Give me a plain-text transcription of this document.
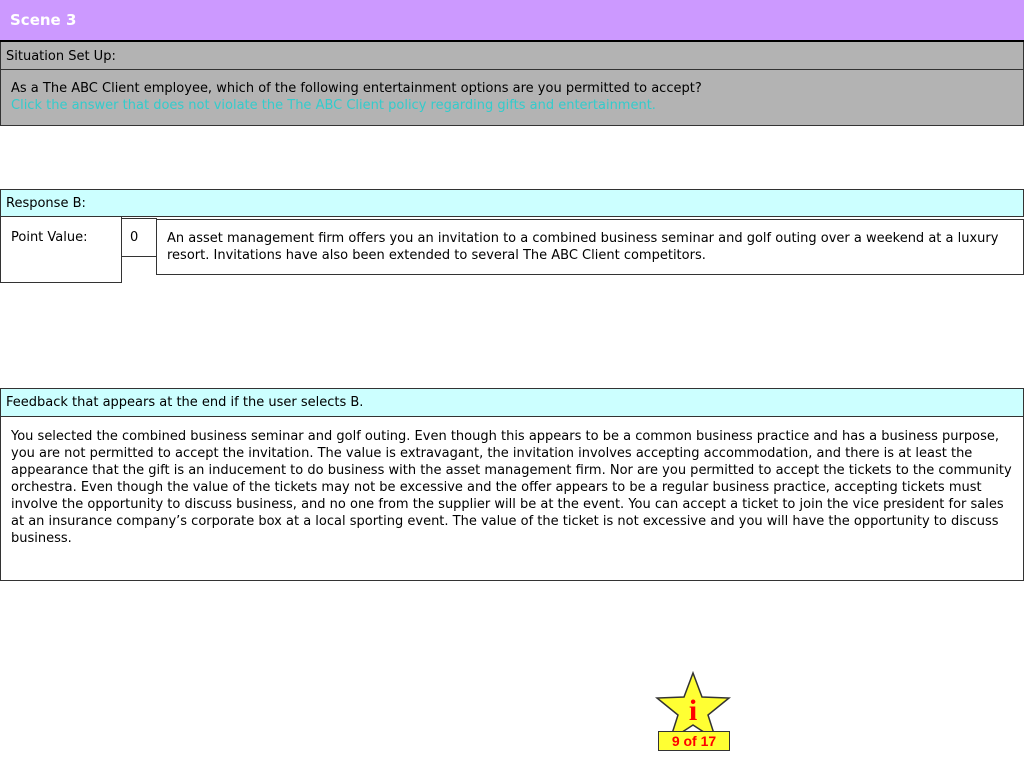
Scene 3
Situation Set Up:
As a The ABC Client employee, which of the following entertainment options are you permitted to accept?
Click the answer that does not violate the The ABC Client policy regarding gifts and entertainment.
Response B:
Point Value:	0 An asset management firm offers you an invitation to a combined business seminar and golf outing over a weekend at a luxury resort. Invitations have also been extended to several The ABC Client competitors.
Feedback that appears at the end if the user selects B.
You selected the combined business seminar and golf outing. Even though this appears to be a common business practice and has a business purpose, you are not permitted to accept the invitation. The value is extravagant, the invitation involves accepting accommodation, and there is at least the appearance that the gift is an inducement to do business with the asset management firm. Nor are you permitted to accept the tickets to the community orchestra. Even though the value of the tickets may not be excessive and the offer appears to be a regular business practice, accepting tickets must involve the opportunity to discuss business, and no one from the supplier will be at the event. You can accept a ticket to join the vice president for sales at an insurance company’s corporate box at a local sporting event. The value of the ticket is not excessive and you will have the opportunity to discuss business.
i
9 of 17
